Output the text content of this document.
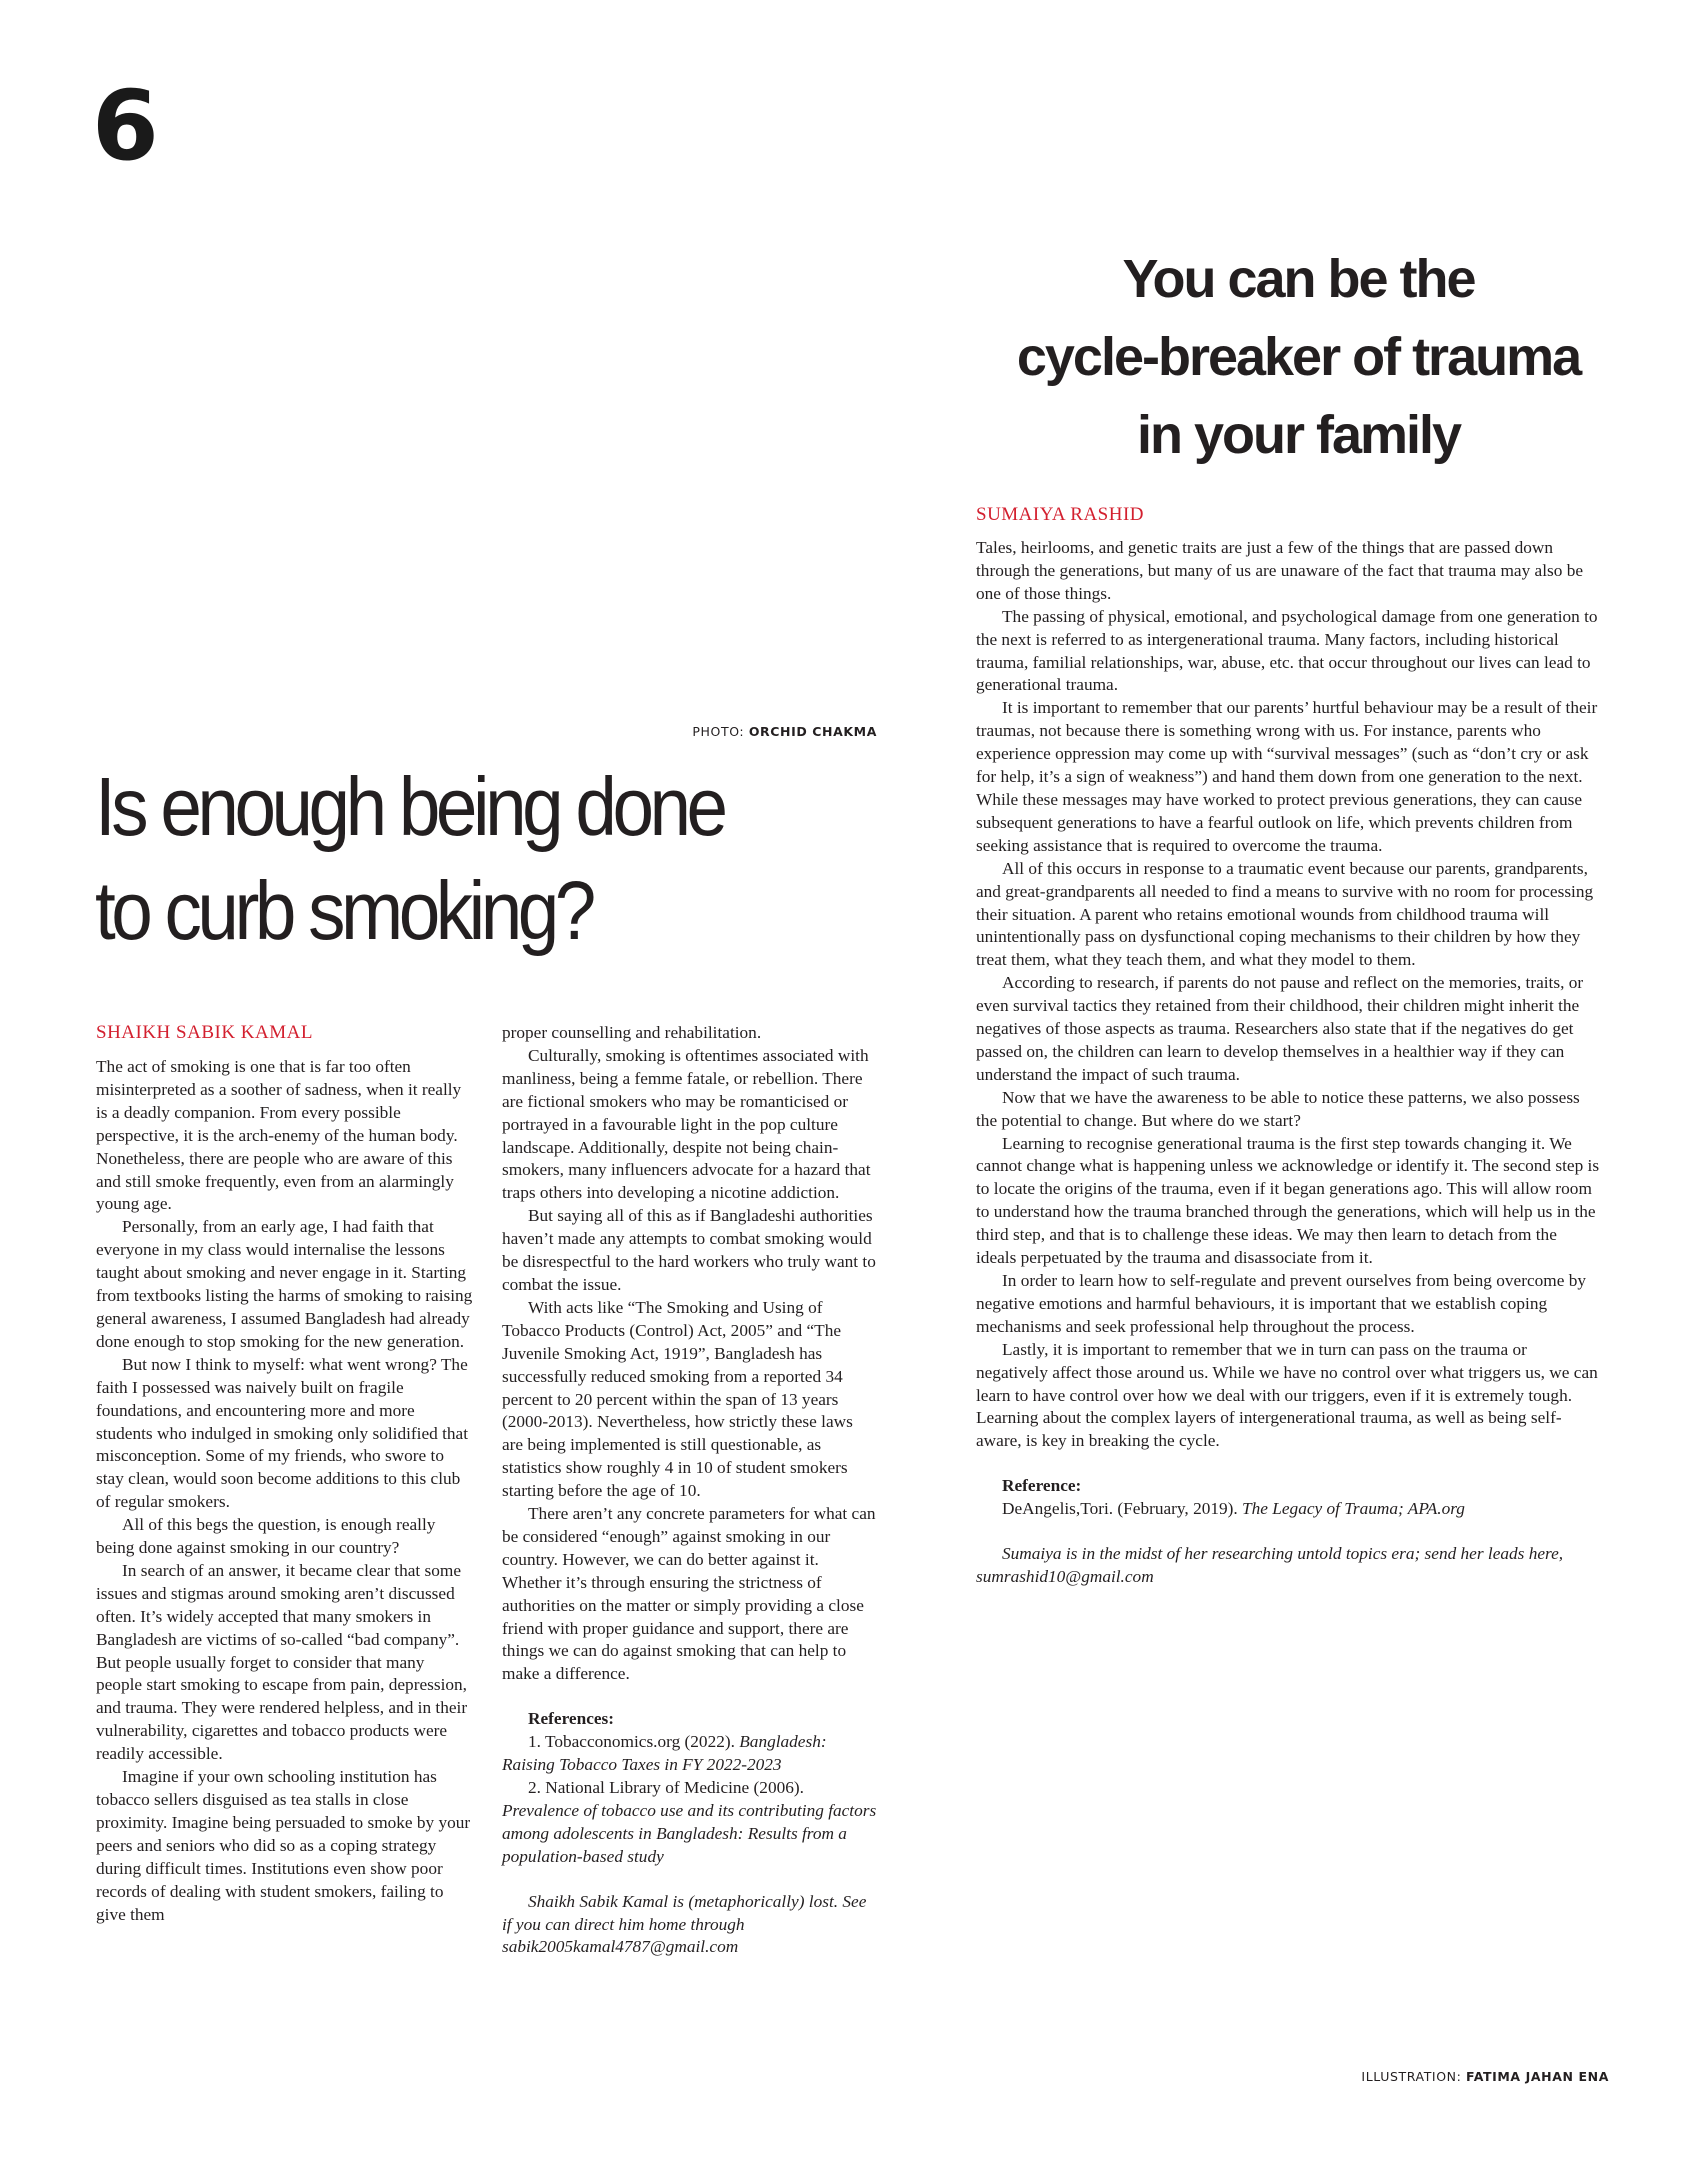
6
You can be the
cycle-breaker of trauma
in your family
SUMAIYA RASHID

Tales, heirlooms, and genetic traits are just a few of the things that are passed down through the generations, but many of us are unaware of the fact that trauma may also be one of those things.

The passing of physical, emotional, and psychological damage from one generation to the next is referred to as intergenerational trauma. Many factors, including historical trauma, familial relationships, war, abuse, etc. that occur throughout our lives can lead to generational trauma.

It is important to remember that our parents’ hurtful behaviour may be a result of their traumas, not because there is something wrong with us. For instance, parents who experience oppression may come up with “survival messages” (such as “don’t cry or ask for help, it’s a sign of weakness”) and hand them down from one generation to the next. While these messages may have worked to protect previous generations, they can cause subsequent generations to have a fearful outlook on life, which prevents children from seeking assistance that is required to overcome the trauma.

All of this occurs in response to a traumatic event because our parents, grandparents, and great-grandparents all needed to find a means to survive with no room for processing their situation. A parent who retains emotional wounds from childhood trauma will unintentionally pass on dysfunctional coping mechanisms to their children by how they treat them, what they teach them, and what they model to them.

According to research, if parents do not pause and reflect on the memories, traits, or even survival tactics they retained from their childhood, their children might inherit the negatives of those aspects as trauma. Researchers also state that if the negatives do get passed on, the children can learn to develop themselves in a healthier way if they can understand the impact of such trauma.

Now that we have the awareness to be able to notice these patterns, we also possess the potential to change. But where do we start?

Learning to recognise generational trauma is the first step towards changing it. We cannot change what is happening unless we acknowledge or identify it. The second step is to locate the origins of the trauma, even if it began generations ago. This will allow room to understand how the trauma branched through the generations, which will help us in the third step, and that is to challenge these ideas. We may then learn to detach from the ideals perpetuated by the trauma and disassociate from it.

In order to learn how to self-regulate and prevent ourselves from being overcome by negative emotions and harmful behaviours, it is important that we establish coping mechanisms and seek professional help throughout the process.

Lastly, it is important to remember that we in turn can pass on the trauma or negatively affect those around us. While we have no control over what triggers us, we can learn to have control over how we deal with our triggers, even if it is extremely tough. Learning about the complex layers of intergenerational trauma, as well as being self-aware, is key in breaking the cycle.

Reference:

DeAngelis,Tori. (February, 2019). The Legacy of Trauma; APA.org

Sumaiya is in the midst of her researching untold topics era; send her leads here, sumrashid10@gmail.com

PHOTO: ORCHID CHAKMA
Is enough being done
to curb smoking?
SHAIKH SABIK KAMAL

The act of smoking is one that is far too often misinterpreted as a soother of sadness, when it really is a deadly companion. From every possible perspective, it is the arch-enemy of the human body. Nonetheless, there are people who are aware of this and still smoke frequently, even from an alarmingly young age.

Personally, from an early age, I had faith that everyone in my class would internalise the lessons taught about smoking and never engage in it. Starting from textbooks listing the harms of smoking to raising general awareness, I assumed Bangladesh had already done enough to stop smoking for the new generation.

But now I think to myself: what went wrong? The faith I possessed was naively built on fragile foundations, and encountering more and more students who indulged in smoking only solidified that misconception. Some of my friends, who swore to stay clean, would soon become additions to this club of regular smokers.

All of this begs the question, is enough really being done against smoking in our country?

In search of an answer, it became clear that some issues and stigmas around smoking aren’t discussed often. It’s widely accepted that many smokers in Bangladesh are victims of so-called “bad company”. But people usually forget to consider that many people start smoking to escape from pain, depression, and trauma. They were rendered helpless, and in their vulnerability, cigarettes and tobacco products were readily accessible.

Imagine if your own schooling institution has tobacco sellers disguised as tea stalls in close proximity. Imagine being persuaded to smoke by your peers and seniors who did so as a coping strategy during difficult times. Institutions even show poor records of dealing with student smokers, failing to give them

proper counselling and rehabilitation.

Culturally, smoking is oftentimes associated with manliness, being a femme fatale, or rebellion. There are fictional smokers who may be romanticised or portrayed in a favourable light in the pop culture landscape. Additionally, despite not being chain-smokers, many influencers advocate for a hazard that traps others into developing a nicotine addiction.

But saying all of this as if Bangladeshi authorities haven’t made any attempts to combat smoking would be disrespectful to the hard workers who truly want to combat the issue.

With acts like “The Smoking and Using of Tobacco Products (Control) Act, 2005” and “The Juvenile Smoking Act, 1919”, Bangladesh has successfully reduced smoking from a reported 34 percent to 20 percent within the span of 13 years (2000-2013). Nevertheless, how strictly these laws are being implemented is still questionable, as statistics show roughly 4 in 10 of student smokers starting before the age of 10.

There aren’t any concrete parameters for what can be considered “enough” against smoking in our country. However, we can do better against it. Whether it’s through ensuring the strictness of authorities on the matter or simply providing a close friend with proper guidance and support, there are things we can do against smoking that can help to make a difference.

References:

1. Tobacconomics.org (2022). Bangladesh: Raising Tobacco Taxes in FY 2022-2023

2. National Library of Medicine (2006). Prevalence of tobacco use and its contributing factors among adolescents in Bangladesh: Results from a population-based study

Shaikh Sabik Kamal is (metaphorically) lost. See if you can direct him home through sabik2005kamal4787@gmail.com

ILLUSTRATION: FATIMA JAHAN ENA
